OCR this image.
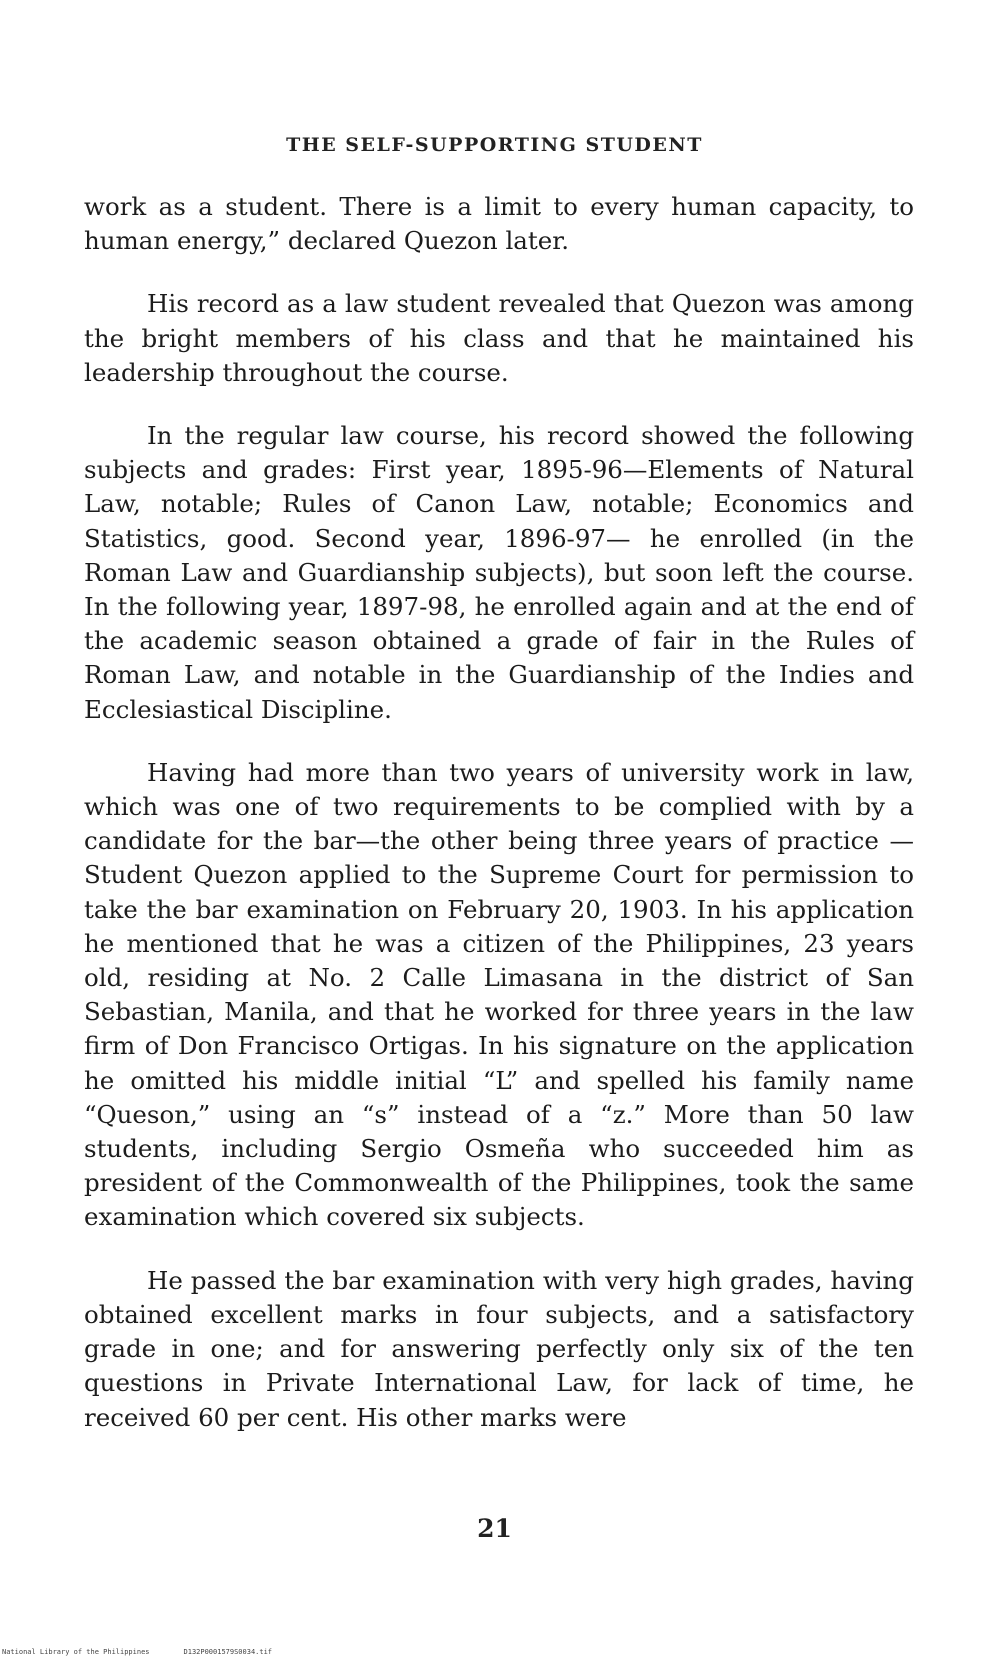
THE SELF-SUPPORTING STUDENT

work as a student. There is a limit to every human capacity, to human energy,” declared Quezon later.

His record as a law student revealed that Quezon was among the bright members of his class and that he maintained his leadership throughout the course.

In the regular law course, his record showed the following subjects and grades: First year, 1895-96—Elements of Natural Law, notable; Rules of Canon Law, notable; Economics and Statistics, good. Second year, 1896-97— he enrolled (in the Roman Law and Guardianship subjects), but soon left the course. In the following year, 1897-98, he enrolled again and at the end of the academic season obtained a grade of fair in the Rules of Roman Law, and notable in the Guardianship of the Indies and Ecclesiastical Discipline.

Having had more than two years of university work in law, which was one of two requirements to be complied with by a candidate for the bar—the other being three years of practice — Student Quezon applied to the Supreme Court for permission to take the bar examination on February 20, 1903. In his application he mentioned that he was a citizen of the Philippines, 23 years old, residing at No. 2 Calle Limasana in the district of San Sebastian, Manila, and that he worked for three years in the law firm of Don Francisco Ortigas. In his signature on the application he omitted his middle initial “L” and spelled his family name “Queson,” using an “s” instead of a “z.” More than 50 law students, including Sergio Osmeña who succeeded him as president of the Commonwealth of the Philippines, took the same examination which covered six subjects.

He passed the bar examination with very high grades, having obtained excellent marks in four subjects, and a satisfactory grade in one; and for answering perfectly only six of the ten questions in Private International Law, for lack of time, he received 60 per cent. His other marks were

21
National Library of the Philippines	D132P0001579S0034.tif
